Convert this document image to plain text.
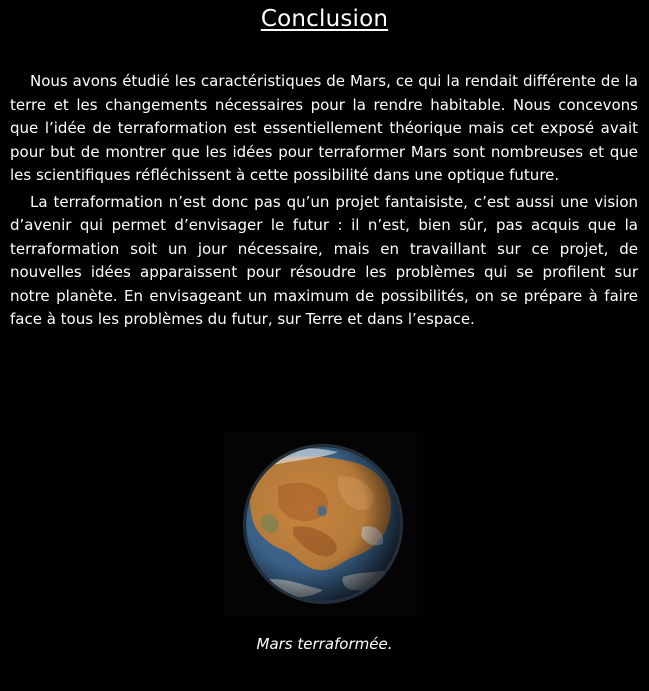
Conclusion

Nous avons étudié les caractéristiques de Mars, ce qui la rendait différente de la terre et les changements nécessaires pour la rendre habitable. Nous concevons que l’idée de terraformation est essentiellement théorique mais cet exposé avait pour but de montrer que les idées pour terraformer Mars sont nombreuses et que les scientifiques réfléchissent à cette possibilité dans une optique future.

La terraformation n’est donc pas qu’un projet fantaisiste, c’est aussi une vision d’avenir qui permet d’envisager le futur : il n’est, bien sûr, pas acquis que la terraformation soit un jour nécessaire, mais en travaillant sur ce projet, de nouvelles idées apparaissent pour résoudre les problèmes qui se profilent sur notre planète. En envisageant un maximum de possibilités, on se prépare à faire face à tous les problèmes du futur, sur Terre et dans l’espace.

Mars terraformée.
